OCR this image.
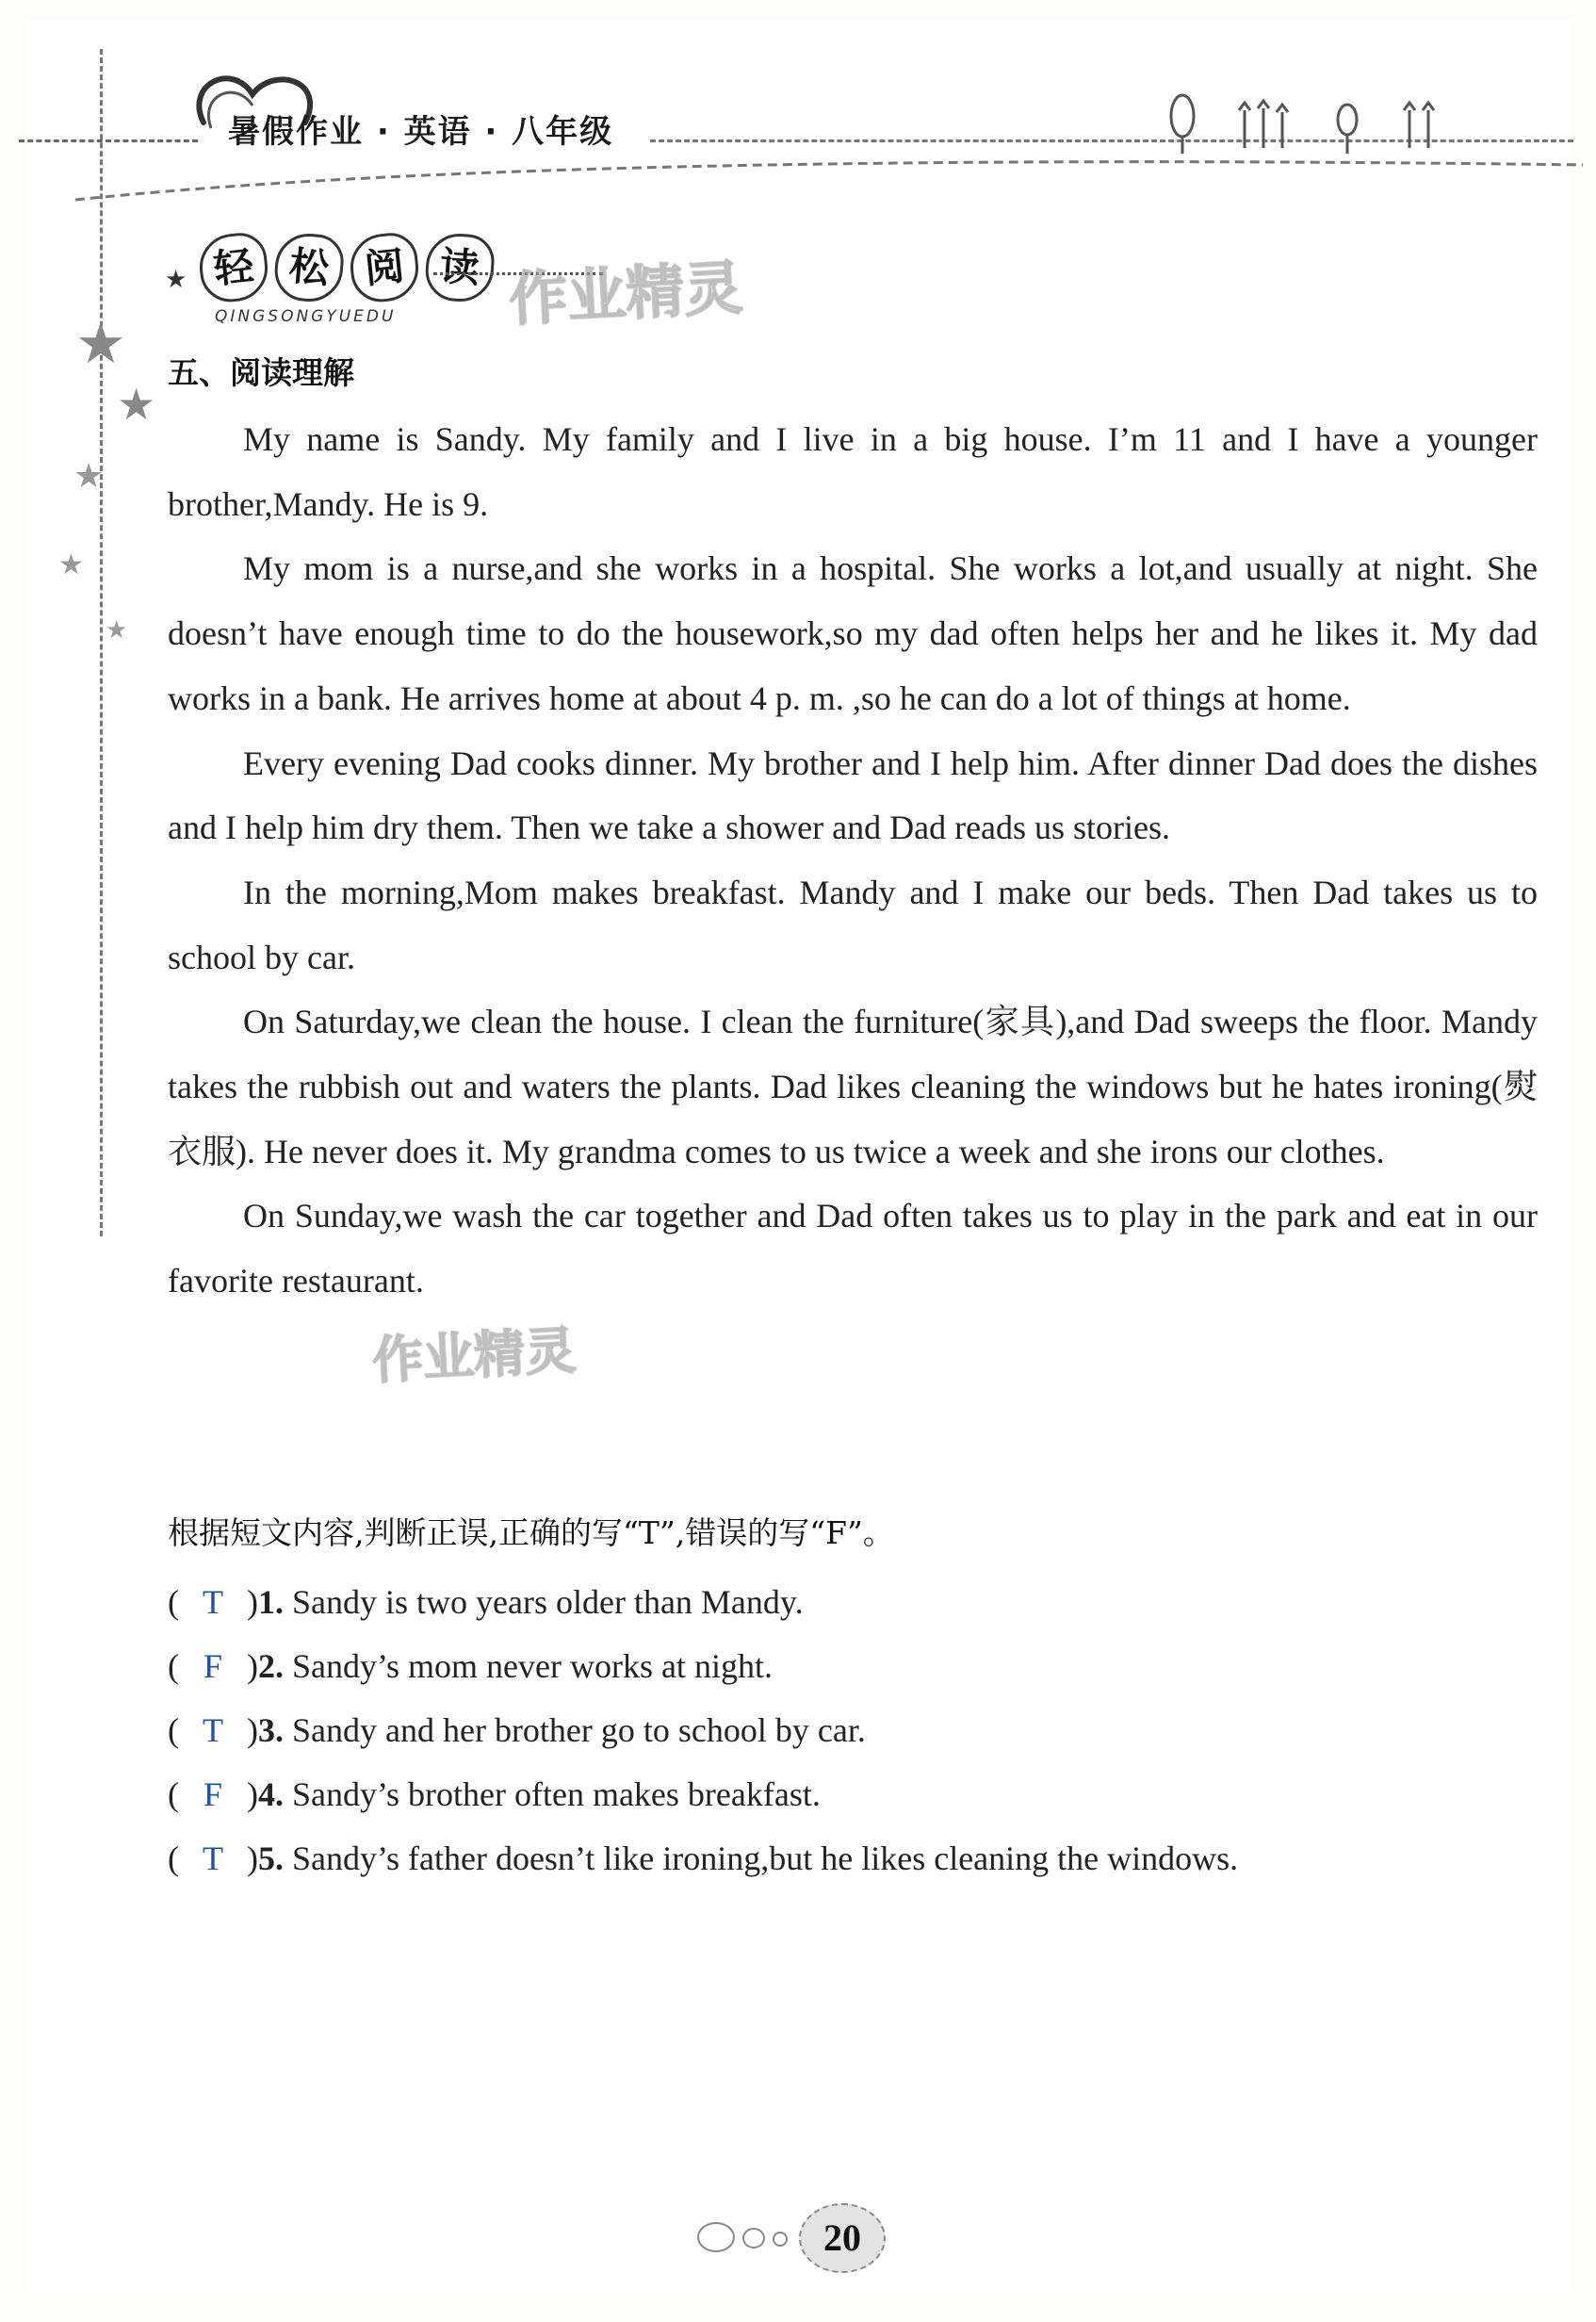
暑假作业 · 英语 · 八年级
★
★
★
★
★
★ 轻 松 阅 读
QINGSONGYUEDU 作业精灵
五、阅读理解

My name is Sandy. My family and I live in a big house. I’m 11 and I have a younger brother,Mandy. He is 9.

My mom is a nurse,and she works in a hospital. She works a lot,and usually at night. She doesn’t have enough time to do the housework,so my dad often helps her and he likes it. My dad works in a bank. He arrives home at about 4 p. m. ,so he can do a lot of things at home.

Every evening Dad cooks dinner. My brother and I help him. After dinner Dad does the dishes and I help him dry them. Then we take a shower and Dad reads us stories.

In the morning,Mom makes breakfast. Mandy and I make our beds. Then Dad takes us to school by car.

On Saturday,we clean the house. I clean the furniture(家具),and Dad sweeps the floor. Mandy takes the rubbish out and waters the plants. Dad likes cleaning the windows but he hates ironing(熨衣服). He never does it. My grandma comes to us twice a week and she irons our clothes.

On Sunday,we wash the car together and Dad often takes us to play in the park and eat in our favorite restaurant.

作业精灵
根据短文内容,判断正误,正确的写“T”,错误的写“F”。
( T )1. Sandy is two years older than Mandy.
( F )2. Sandy’s mom never works at night.
( T )3. Sandy and her brother go to school by car.
( F )4. Sandy’s brother often makes breakfast.
( T )5. Sandy’s father doesn’t like ironing,but he likes cleaning the windows.
20
